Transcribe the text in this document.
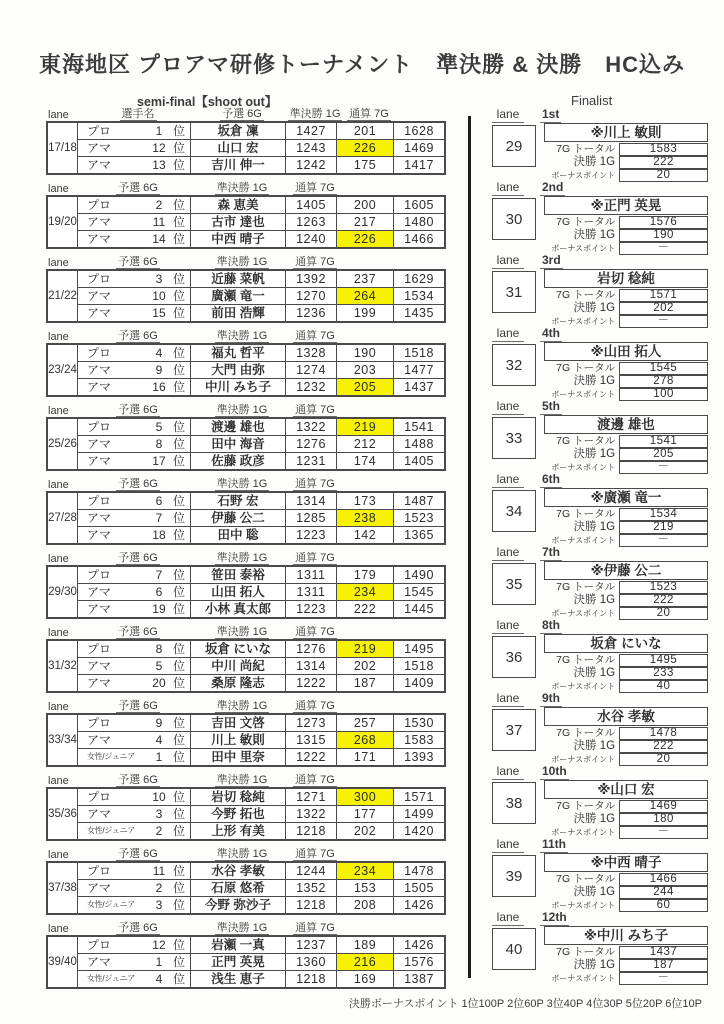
東海地区 プロアマ研修トーナメント　準決勝 & 決勝　HC込み
semi-final【shoot out】	Finalist
lane	選手名	予選 6G	準決勝 1G 通算 7G
17/18
プロ	1 位	坂倉 凜	1427	201	1628
アマ	12 位	山口 宏	1243	226	1469
アマ	13 位	吉川 伸一	1242	175	1417
lane	予選 6G	準決勝 1G	通算 7G
19/20
プロ	2 位	森 恵美	1405	200	1605
アマ	11 位	古市 達也	1263	217	1480
アマ	14 位	中西 晴子	1240	226	1466
lane	予選 6G	準決勝 1G	通算 7G
21/22
プロ	3 位	近藤 菜帆	1392	237	1629
アマ	10 位	廣瀬 竜一	1270	264	1534
アマ	15 位	前田 浩輝	1236	199	1435
lane	予選 6G	準決勝 1G	通算 7G
23/24
プロ	4 位	福丸 哲平	1328	190	1518
アマ	9 位	大門 由弥	1274	203	1477
アマ	16 位	中川 みち子	1232	205	1437
lane	予選 6G	準決勝 1G	通算 7G
25/26
プロ	5 位	渡邊 雄也	1322	219	1541
アマ	8 位	田中 海音	1276	212	1488
アマ	17 位	佐藤 政彦	1231	174	1405
lane	予選 6G	準決勝 1G	通算 7G
27/28
プロ	6 位	石野 宏	1314	173	1487
アマ	7 位	伊藤 公二	1285	238	1523
アマ	18 位	田中 聡	1223	142	1365
lane	予選 6G	準決勝 1G	通算 7G
29/30
プロ	7 位	笹田 泰裕	1311	179	1490
アマ	6 位	山田 拓人	1311	234	1545
アマ	19 位	小林 真太郎	1223	222	1445
lane	予選 6G	準決勝 1G	通算 7G
31/32
プロ	8 位	坂倉 にいな	1276	219	1495
アマ	5 位	中川 尚紀	1314	202	1518
アマ	20 位	桑原 隆志	1222	187	1409
lane	予選 6G	準決勝 1G	通算 7G
33/34
プロ	9 位	吉田 文啓	1273	257	1530
アマ	4 位	川上 敏則	1315	268	1583
女性/ジュニア	1 位	田中 里奈	1222	171	1393
lane	予選 6G	準決勝 1G	通算 7G
35/36
プロ	10 位	岩切 稔純	1271	300	1571
アマ	3 位	今野 拓也	1322	177	1499
女性/ジュニア	2 位	上形 有美	1218	202	1420
lane	予選 6G	準決勝 1G	通算 7G
37/38
プロ	11 位	水谷 孝敏	1244	234	1478
アマ	2 位	石原 悠希	1352	153	1505
女性/ジュニア	3 位	今野 弥沙子	1218	208	1426
lane	予選 6G	準決勝 1G	通算 7G
39/40
プロ	12 位	岩瀬 一真	1237	189	1426
アマ	1 位	正門 英晃	1360	216	1576
女性/ジュニア	4 位	浅生 恵子	1218	169	1387
lane	1st
29
※川上 敏則
7G トータル	1583
決勝 1G	222
ボーナスポイント	20
lane	2nd
30
※正門 英晃
7G トータル	1576
決勝 1G	190
ボーナスポイント	－
lane	3rd
31
岩切 稔純
7G トータル	1571
決勝 1G	202
ボーナスポイント	－
lane	4th
32
※山田 拓人
7G トータル	1545
決勝 1G	278
ボーナスポイント	100
lane	5th
33
渡邊 雄也
7G トータル	1541
決勝 1G	205
ボーナスポイント	－
lane	6th
34
※廣瀬 竜一
7G トータル	1534
決勝 1G	219
ボーナスポイント	－
lane	7th
35
※伊藤 公二
7G トータル	1523
決勝 1G	222
ボーナスポイント	20
lane	8th
36
坂倉 にいな
7G トータル	1495
決勝 1G	233
ボーナスポイント	40
lane	9th
37
水谷 孝敏
7G トータル	1478
決勝 1G	222
ボーナスポイント	20
lane	10th
38
※山口 宏
7G トータル	1469
決勝 1G	180
ボーナスポイント	－
lane	11th
39
※中西 晴子
7G トータル	1466
決勝 1G	244
ボーナスポイント	60
lane	12th
40
※中川 みち子
7G トータル	1437
決勝 1G	187
ボーナスポイント	－
決勝ボーナスポイント 1位100P 2位60P 3位40P 4位30P 5位20P 6位10P
